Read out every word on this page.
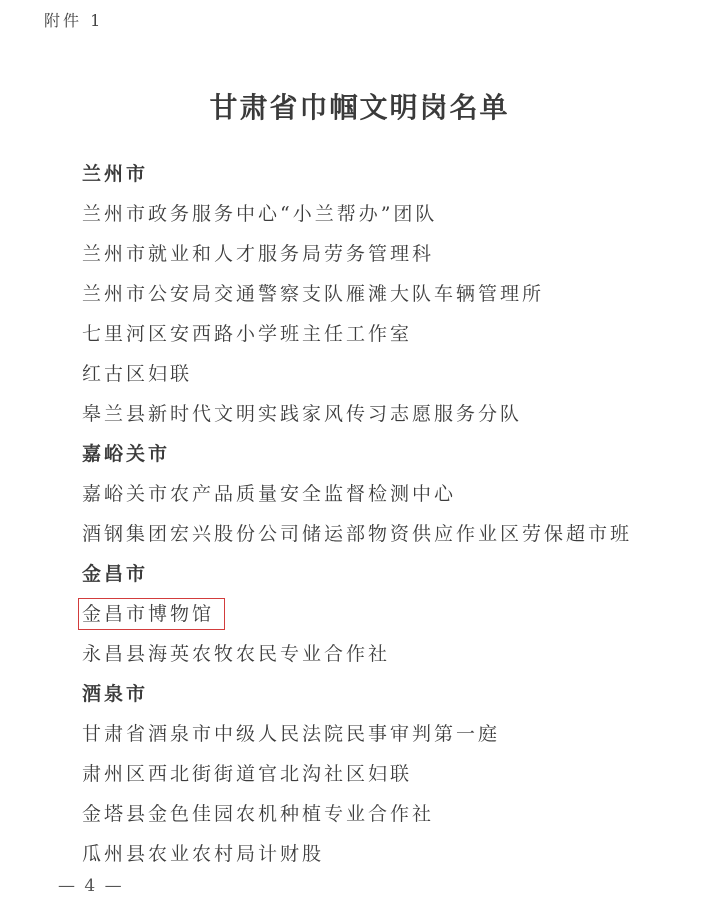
附件 1
甘肃省巾帼文明岗名单
兰州市
兰州市政务服务中心“小兰帮办”团队
兰州市就业和人才服务局劳务管理科
兰州市公安局交通警察支队雁滩大队车辆管理所
七里河区安西路小学班主任工作室
红古区妇联
皋兰县新时代文明实践家风传习志愿服务分队
嘉峪关市
嘉峪关市农产品质量安全监督检测中心
酒钢集团宏兴股份公司储运部物资供应作业区劳保超市班
金昌市
金昌市博物馆
永昌县海英农牧农民专业合作社
酒泉市
甘肃省酒泉市中级人民法院民事审判第一庭
肃州区西北街街道官北沟社区妇联
金塔县金色佳园农机种植专业合作社
瓜州县农业农村局计财股
— 4 —
